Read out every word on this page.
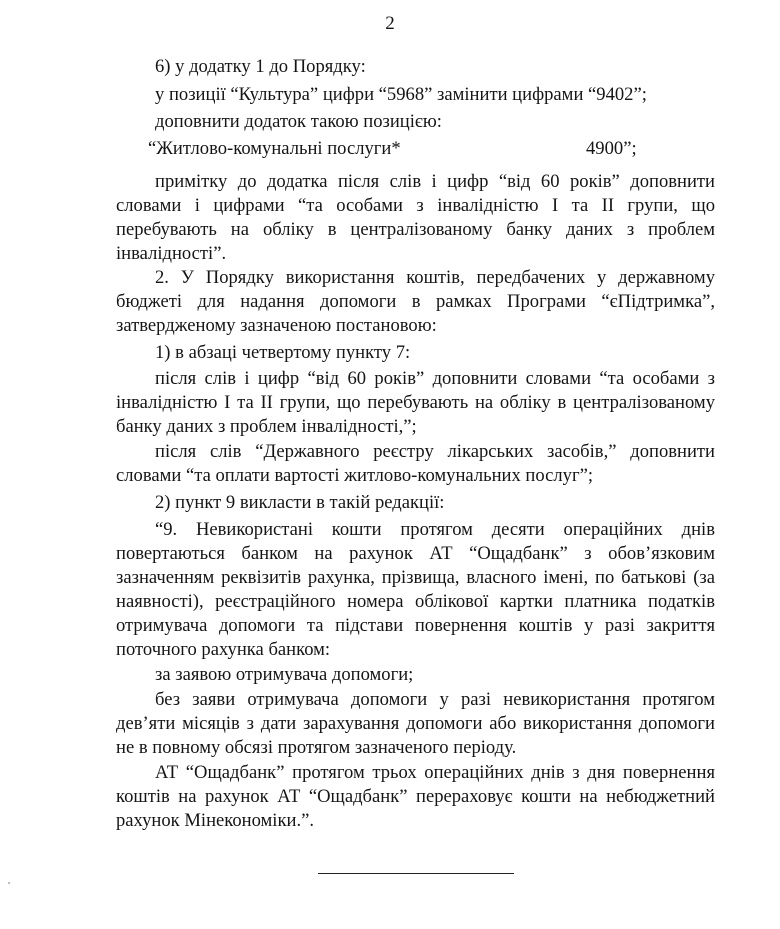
2
6) у додатку 1 до Порядку:
у позиції “Культура” цифри “5968” замінити цифрами “9402”;
доповнити додаток такою позицією:
“Житлово-комунальні послуги*	4900”;
примітку до додатка після слів і цифр “від 60 років” доповнити
словами і цифрами “та особами з інвалідністю І та ІІ групи, що
перебувають на обліку в централізованому банку даних з проблем
інвалідності”.
2. У Порядку використання коштів, передбачених у державному
бюджеті для надання допомоги в рамках Програми “єПідтримка”,
затвердженому зазначеною постановою:
1) в абзаці четвертому пункту 7:
після слів і цифр “від 60 років” доповнити словами “та особами з
інвалідністю І та ІІ групи, що перебувають на обліку в централізованому
банку даних з проблем інвалідності,”;
після слів “Державного реєстру лікарських засобів,” доповнити
словами “та оплати вартості житлово-комунальних послуг”;
2) пункт 9 викласти в такій редакції:
“9. Невикористані кошти протягом десяти операційних днів
повертаються банком на рахунок АТ “Ощадбанк” з обов’язковим
зазначенням реквізитів рахунка, прізвища, власного імені, по батькові (за
наявності), реєстраційного номера облікової картки платника податків
отримувача допомоги та підстави повернення коштів у разі закриття
поточного рахунка банком:
за заявою отримувача допомоги;
без заяви отримувача допомоги у разі невикористання протягом
дев’яти місяців з дати зарахування допомоги або використання допомоги
не в повному обсязі протягом зазначеного періоду.
АТ “Ощадбанк” протягом трьох операційних днів з дня повернення
коштів на рахунок АТ “Ощадбанк” перераховує кошти на небюджетний
рахунок Мінекономіки.”.
